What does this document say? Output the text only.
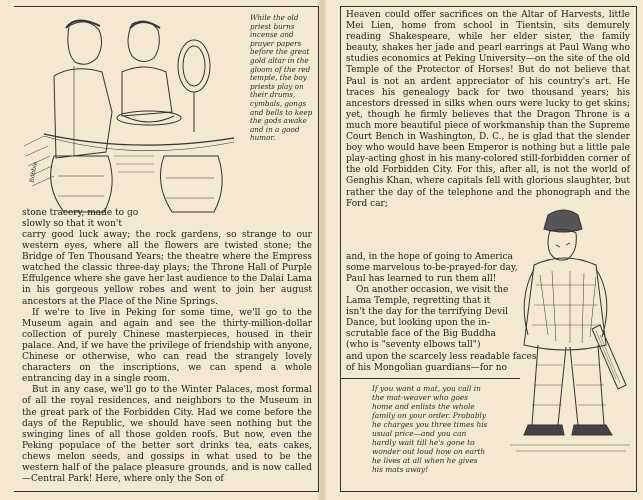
While the old priest burns incense and prayer papers before the great gold altar in the gloom of the red temple, the boy priests play on their drums, cymbals, gongs and bells to keep the gods awake and in a good humor.
Bobbie
stone tracery, made to go
slowly so that it won't

carry good luck away; the rock gardens, so strange to our western eyes, where all the flowers are twisted stone; the Bridge of Ten Thousand Years; the theatre where the Empress watched the classic three-day plays; the Throne Hall of Purple Effulgence where she gave her last audience to the Dalai Lama in his gorgeous yellow robes and went to join her august ancestors at the Place of the Nine Springs.

If we're to live in Peking for some time, we'll go to the Museum again and again and see the thirty-million-dollar collection of purely Chinese masterpieces, housed in their palace. And, if we have the privilege of friendship with anyone, Chinese or otherwise, who can read the strangely lovely characters on the inscriptions, we can spend a whole entrancing day in a single room.

But in any case, we'll go to the Winter Palaces, most formal of all the royal residences, and neighbors to the Museum in the great park of the Forbidden City. Had we come before the days of the Republic, we should have seen nothing but the swinging lines of all those golden roofs. But now, even the Peking populace of the better sort drinks tea, eats cakes, chews melon seeds, and gossips in what used to be the western half of the palace pleasure grounds, and is now called—Central Park! Here, where only the Son of

Heaven could offer sacrifices on the Altar of Harvests, little Mei Lien, home from school in Tientsin, sits demurely reading Shakespeare, while her elder sister, the family beauty, shakes her jade and pearl earrings at Paul Wang who studies economics at Peking University—on the site of the old Temple of the Protector of Horses! But do not believe that Paul is not an ardent appreciator of his country's art. He traces his genealogy back for two thousand years; his ancestors dressed in silks when ours were lucky to get skins; yet, though he firmly believes that the Dragon Throne is a much more beautiful piece of workmanship than the Supreme Court Bench in Washington, D. C., he is glad that the slender boy who would have been Emperor is nothing but a little pale play-acting ghost in his many-colored still-forbidden corner of the old Forbidden City. For this, after all, is not the world of Genghis Khan, where capitals fell with glorious slaughter, but rather the day of the telephone and the phonograph and the Ford car;

and, in the hope of going to America
some marvelous to-be-prayed-for day,
Paul has learned to run them all!
On another occasion, we visit the
Lama Temple, regretting that it
isn't the day for the terrifying Devil
Dance, but looking upon the in-
scrutable face of the Big Buddha
(who is "seventy elbows tall")
and upon the scarcely less readable faces
of his Mongolian guardians—for no
If you want a mat, you call in the mat-weaver who goes home and enlists the whole family on your order. Probably he charges you three times his usual price—and you can hardly wait till he's gone to wonder out loud how on earth he lives at all when he gives his mats away!
